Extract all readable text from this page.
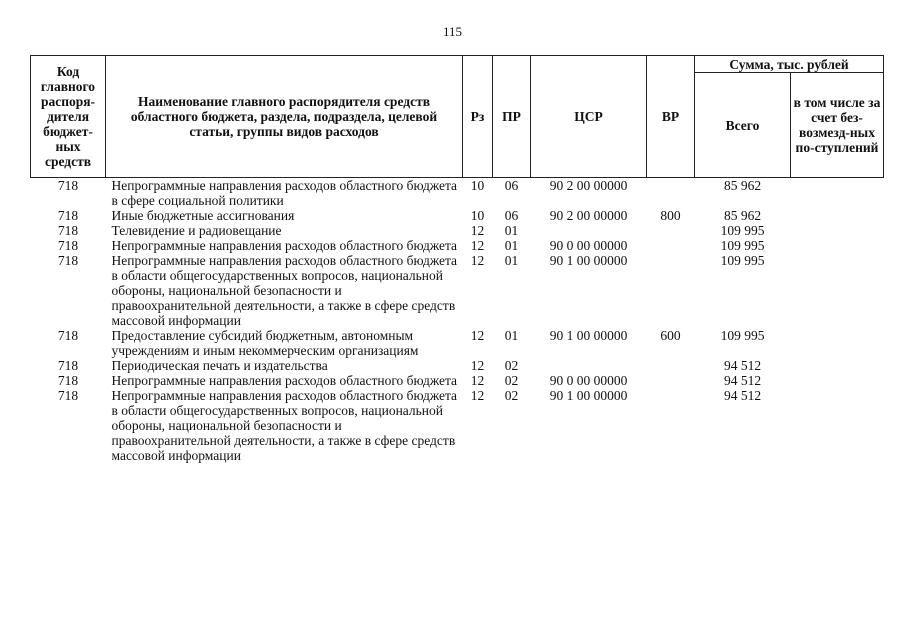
115
Код главного распоря-дителя бюджет-ных средств	Наименование главного распорядителя средств областного бюджета, раздела, подраздела, целевой статьи, группы видов расходов	Рз	ПР	ЦСР	ВР	Сумма, тыс. рублей	
						Всего	в том числе за счет без-возмезд-ных по-ступлений
718	Непрограммные направления расходов областного бюджета в сфере социальной политики	10	06	90 2 00 00000		85 962	
718	Иные бюджетные ассигнования	10	06	90 2 00 00000	800	85 962	
718	Телевидение и радиовещание	12	01			109 995	
718	Непрограммные направления расходов областного бюджета	12	01	90 0 00 00000		109 995	
718	Непрограммные направления расходов областного бюджета в области общегосударственных вопросов, национальной обороны, национальной безопасности и правоохранительной деятельности, а также в сфере средств массовой информации	12	01	90 1 00 00000		109 995	
718	Предоставление субсидий бюджетным, автономным учреждениям и иным некоммерческим организациям	12	01	90 1 00 00000	600	109 995	
718	Периодическая печать и издательства	12	02			94 512	
718	Непрограммные направления расходов областного бюджета	12	02	90 0 00 00000		94 512	
718	Непрограммные направления расходов областного бюджета в области общегосударственных вопросов, национальной обороны, национальной безопасности и правоохранительной деятельности, а также в сфере средств массовой информации	12	02	90 1 00 00000		94 512	
